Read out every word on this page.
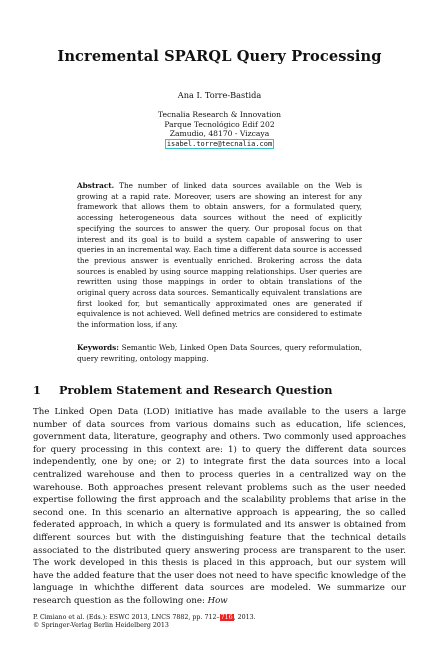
Incremental SPARQL Query Processing
Ana I. Torre-Bastida
Tecnalia Research & Innovation
Parque Tecnológico Edif 202
Zamudio, 48170 - Vizcaya
isabel.torre@tecnalia.com
Abstract. The number of linked data sources available on the Web is growing at a rapid rate. Moreover, users are showing an interest for any framework that allows them to obtain answers, for a formulated query, accessing heterogeneous data sources without the need of explicitly specifying the sources to answer the query. Our proposal focus on that interest and its goal is to build a system capable of answering to user queries in an incremental way. Each time a different data source is accessed the previous answer is eventually enriched. Brokering across the data sources is enabled by using source mapping relationships. User queries are rewritten using those mappings in order to obtain translations of the original query across data sources. Semantically equivalent translations are first looked for, but semantically approximated ones are generated if equivalence is not achieved. Well defined metrics are considered to estimate the information loss, if any.
Keywords: Semantic Web, Linked Open Data Sources, query reformulation, query rewriting, ontology mapping.
1 Problem Statement and Research Question
The Linked Open Data (LOD) initiative has made available to the users a large number of data sources from various domains such as education, life sciences, government data, literature, geography and others. Two commonly used approaches for query processing in this context are: 1) to query the different data sources independently, one by one; or 2) to integrate first the data sources into a local centralized warehouse and then to process queries in a centralized way on the warehouse. Both approaches present relevant problems such as the user needed expertise following the first approach and the scalability problems that arise in the second one. In this scenario an alternative approach is appearing, the so called federated approach, in which a query is formulated and its answer is obtained from different sources but with the distinguishing feature that the technical details associated to the distributed query answering process are transparent to the user. The work developed in this thesis is placed in this approach, but our system will have the added feature that the user does not need to have specific knowledge of the language in whichthe different data sources are modeled. We summarize our research question as the following one: How
P. Cimiano et al. (Eds.): ESWC 2013, LNCS 7882, pp. 712–716, 2013.
© Springer-Verlag Berlin Heidelberg 2013
